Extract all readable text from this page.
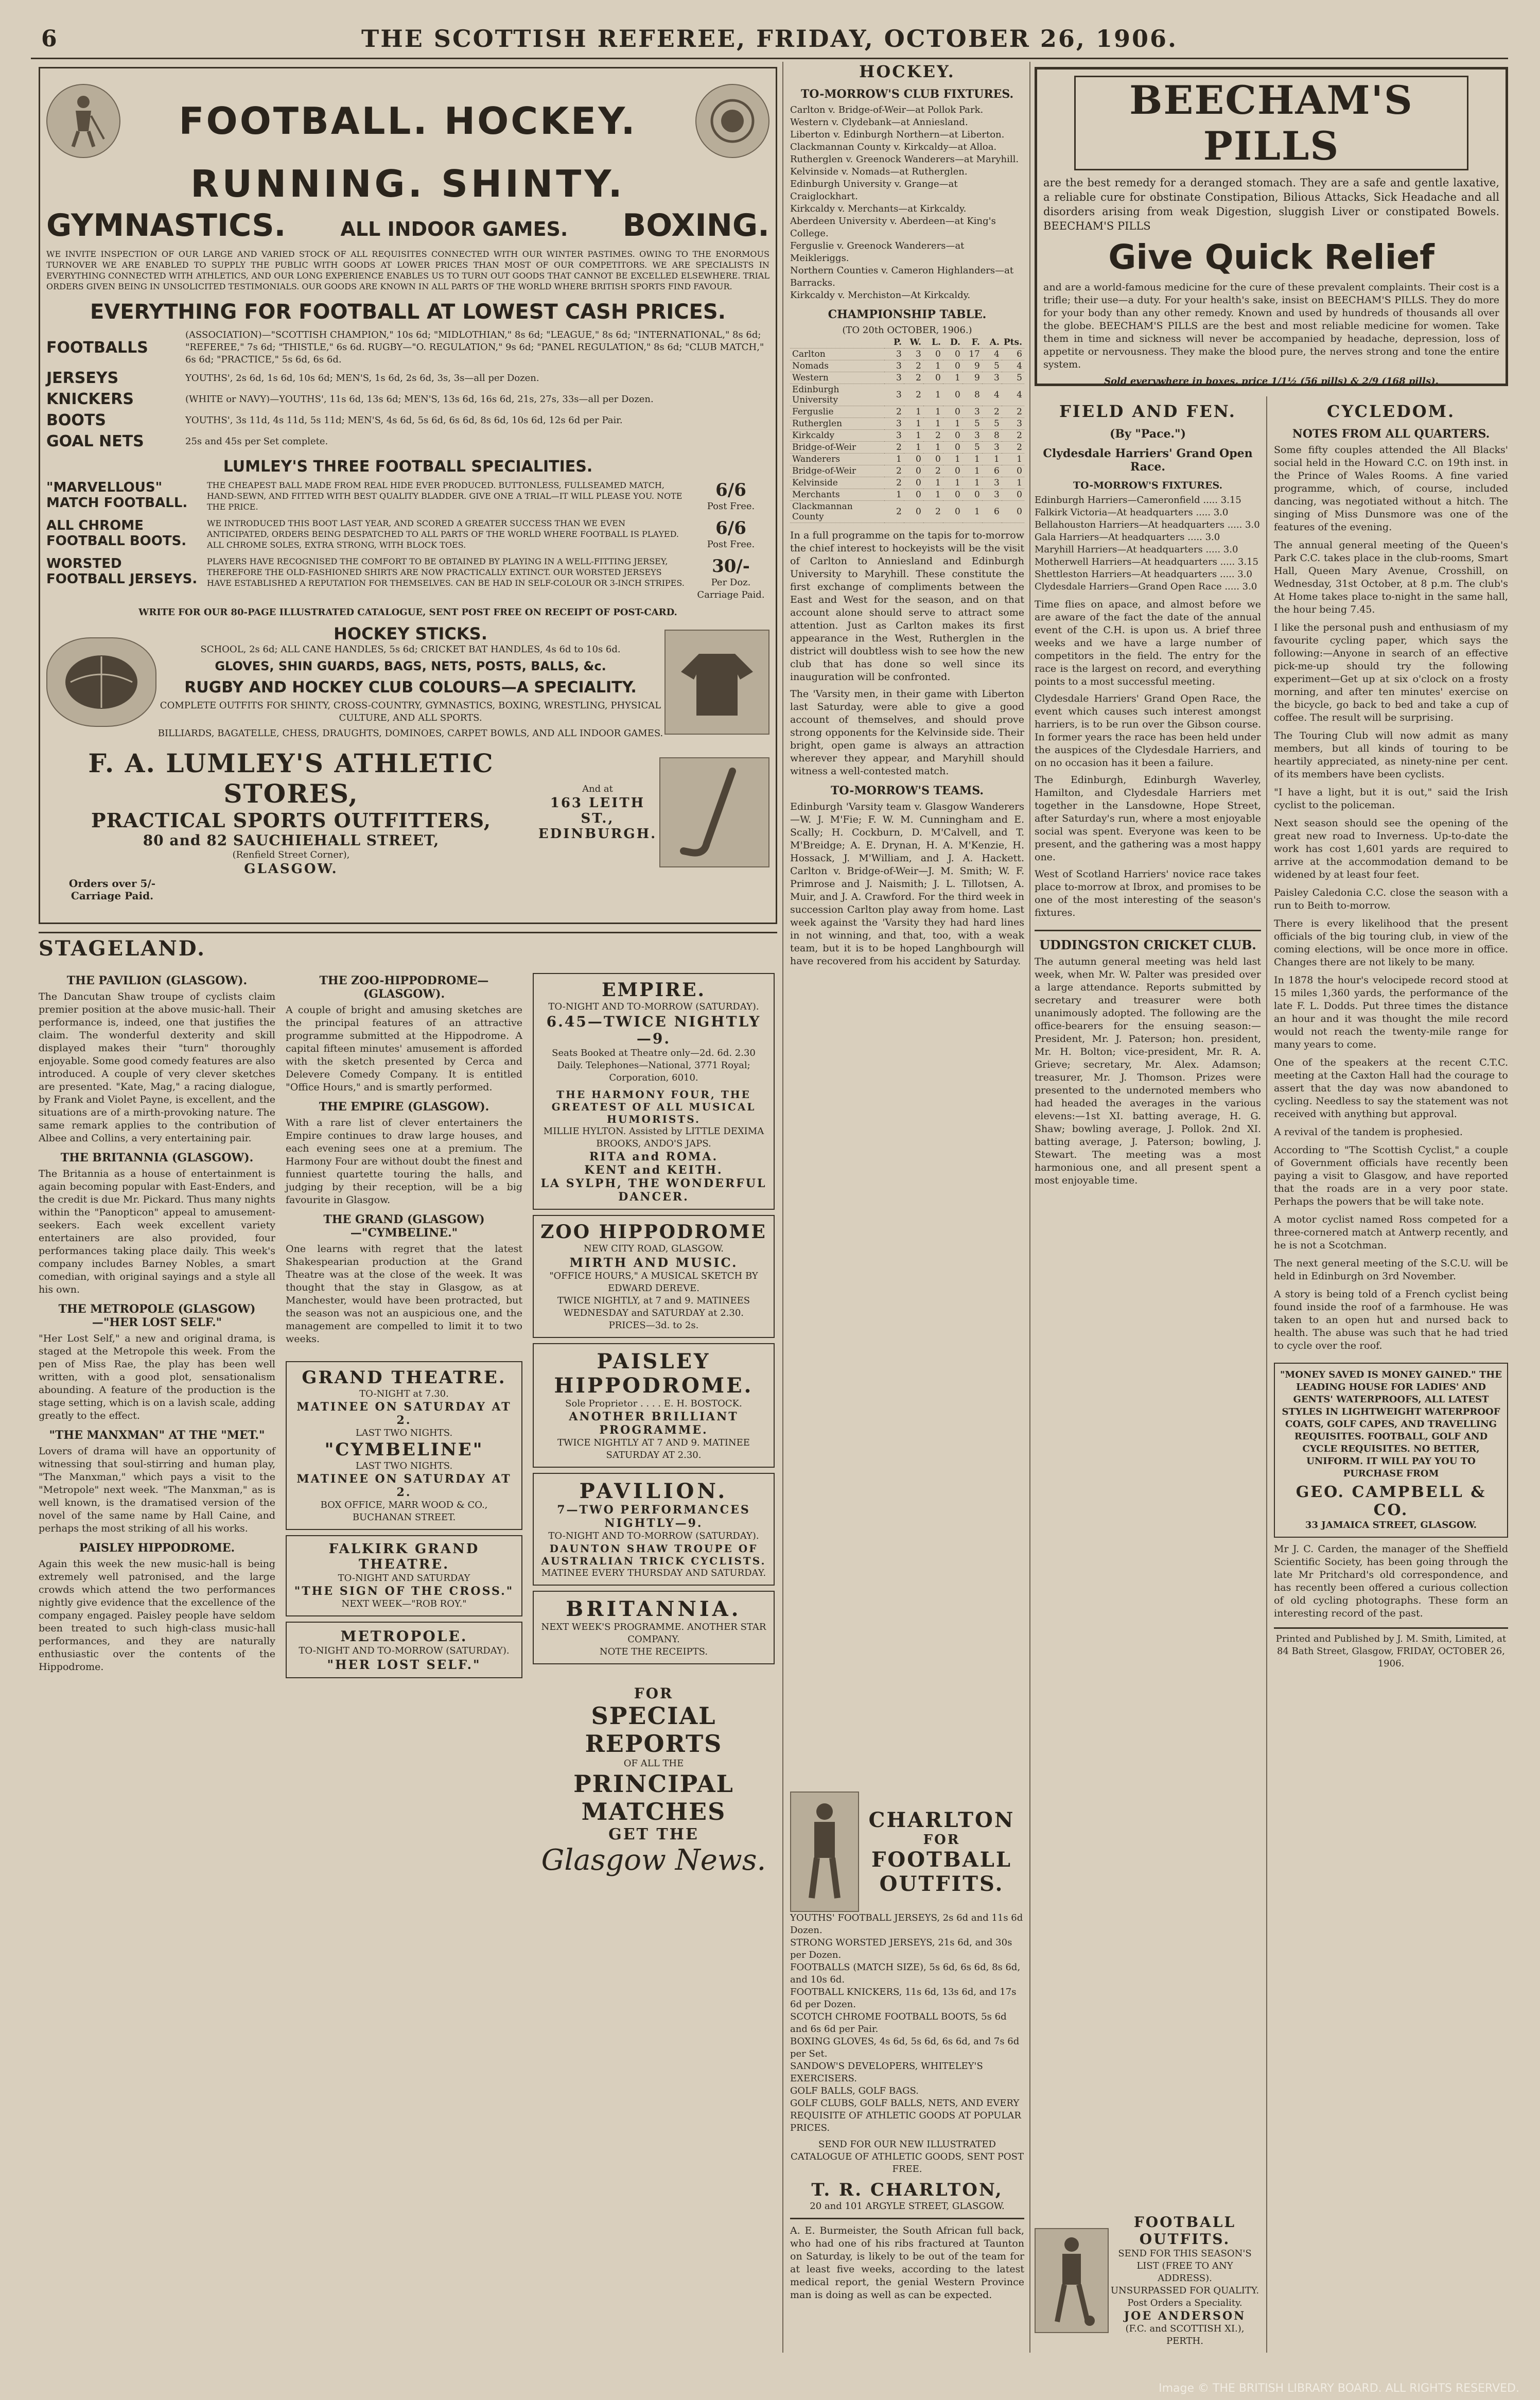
6	THE SCOTTISH REFEREE, FRIDAY, OCTOBER 26, 1906.
FOOTBALL. HOCKEY.
RUNNING. SHINTY.
GYMNASTICS.	ALL INDOOR GAMES. BOXING.
WE INVITE INSPECTION OF OUR LARGE AND VARIED STOCK OF ALL REQUISITES CONNECTED WITH OUR WINTER PASTIMES. OWING TO THE ENORMOUS TURNOVER WE ARE ENABLED TO SUPPLY THE PUBLIC WITH GOODS AT LOWER PRICES THAN MOST OF OUR COMPETITORS. WE ARE SPECIALISTS IN EVERYTHING CONNECTED WITH ATHLETICS, AND OUR LONG EXPERIENCE ENABLES US TO TURN OUT GOODS THAT CANNOT BE EXCELLED ELSEWHERE. TRIAL ORDERS GIVEN BEING IN UNSOLICITED TESTIMONIALS. OUR GOODS ARE KNOWN IN ALL PARTS OF THE WORLD WHERE BRITISH SPORTS FIND FAVOUR.
EVERYTHING FOR FOOTBALL AT LOWEST CASH PRICES.
FOOTBALLS
(ASSOCIATION)—"SCOTTISH CHAMPION," 10s 6d; "MIDLOTHIAN," 8s 6d; "LEAGUE," 8s 6d; "INTERNATIONAL," 8s 6d; "REFEREE," 7s 6d; "THISTLE," 6s 6d. RUGBY—"O. REGULATION," 9s 6d; "PANEL REGULATION," 8s 6d; "CLUB MATCH," 6s 6d; "PRACTICE," 5s 6d, 6s 6d.
JERSEYS	YOUTHS', 2s 6d, 1s 6d, 10s 6d; MEN'S, 1s 6d, 2s 6d, 3s, 3s—all per Dozen.
KNICKERS	(WHITE or NAVY)—YOUTHS', 11s 6d, 13s 6d; MEN'S, 13s 6d, 16s 6d, 21s, 27s, 33s—all per Dozen.
BOOTS	YOUTHS', 3s 11d, 4s 11d, 5s 11d; MEN'S, 4s 6d, 5s 6d, 6s 6d, 8s 6d, 10s 6d, 12s 6d per Pair.
GOAL NETS	25s and 45s per Set complete.
LUMLEY'S THREE FOOTBALL SPECIALITIES.
"MARVELLOUS" MATCH FOOTBALL.
THE CHEAPEST BALL MADE FROM REAL HIDE EVER PRODUCED. BUTTONLESS, FULLSEAMED MATCH, HAND-SEWN, AND FITTED WITH BEST QUALITY BLADDER. GIVE ONE A TRIAL—IT WILL PLEASE YOU. NOTE THE PRICE.
6/6
Post Free.
ALL CHROME FOOTBALL BOOTS.
WE INTRODUCED THIS BOOT LAST YEAR, AND SCORED A GREATER SUCCESS THAN WE EVEN ANTICIPATED, ORDERS BEING DESPATCHED TO ALL PARTS OF THE WORLD WHERE FOOTBALL IS PLAYED. ALL CHROME SOLES, EXTRA STRONG, WITH BLOCK TOES.
6/6
Post Free.
WORSTED FOOTBALL JERSEYS.
PLAYERS HAVE RECOGNISED THE COMFORT TO BE OBTAINED BY PLAYING IN A WELL-FITTING JERSEY, THEREFORE THE OLD-FASHIONED SHIRTS ARE NOW PRACTICALLY EXTINCT. OUR WORSTED JERSEYS HAVE ESTABLISHED A REPUTATION FOR THEMSELVES. CAN BE HAD IN SELF-COLOUR OR 3-INCH STRIPES.
30/-
Per Doz. Carriage Paid.
WRITE FOR OUR 80-PAGE ILLUSTRATED CATALOGUE, SENT POST FREE ON RECEIPT OF POST-CARD.
HOCKEY STICKS.
SCHOOL, 2s 6d; ALL CANE HANDLES, 5s 6d; CRICKET BAT HANDLES, 4s 6d to 10s 6d.
GLOVES, SHIN GUARDS, BAGS, NETS, POSTS, BALLS, &c.
RUGBY AND HOCKEY CLUB COLOURS—A SPECIALITY.
COMPLETE OUTFITS FOR SHINTY, CROSS-COUNTRY, GYMNASTICS, BOXING, WRESTLING, PHYSICAL CULTURE, AND ALL SPORTS.
BILLIARDS, BAGATELLE, CHESS, DRAUGHTS, DOMINOES, CARPET BOWLS, AND ALL INDOOR GAMES.
F. A. LUMLEY'S ATHLETIC STORES,
PRACTICAL SPORTS OUTFITTERS,
80 and 82 SAUCHIEHALL STREET,
(Renfield Street Corner),
GLASGOW.
And at
163 LEITH ST.,
EDINBURGH.
Orders over 5/- Carriage Paid.
STAGELAND.
THE PAVILION (GLASGOW).
The Dancutan Shaw troupe of cyclists claim premier position at the above music-hall. Their performance is, indeed, one that justifies the claim. The wonderful dexterity and skill displayed makes their "turn" thoroughly enjoyable. Some good comedy features are also introduced. A couple of very clever sketches are presented. "Kate, Mag," a racing dialogue, by Frank and Violet Payne, is excellent, and the situations are of a mirth-provoking nature. The same remark applies to the contribution of Albee and Collins, a very entertaining pair.
THE BRITANNIA (GLASGOW).
The Britannia as a house of entertainment is again becoming popular with East-Enders, and the credit is due Mr. Pickard. Thus many nights within the "Panopticon" appeal to amusement-seekers. Each week excellent variety entertainers are also provided, four performances taking place daily. This week's company includes Barney Nobles, a smart comedian, with original sayings and a style all his own.
THE METROPOLE (GLASGOW)—"HER LOST SELF."
"Her Lost Self," a new and original drama, is staged at the Metropole this week. From the pen of Miss Rae, the play has been well written, with a good plot, sensationalism abounding. A feature of the production is the stage setting, which is on a lavish scale, adding greatly to the effect.
"THE MANXMAN" AT THE "MET."
Lovers of drama will have an opportunity of witnessing that soul-stirring and human play, "The Manxman," which pays a visit to the "Metropole" next week. "The Manxman," as is well known, is the dramatised version of the novel of the same name by Hall Caine, and perhaps the most striking of all his works.
PAISLEY HIPPODROME.
Again this week the new music-hall is being extremely well patronised, and the large crowds which attend the two performances nightly give evidence that the excellence of the company engaged. Paisley people have seldom been treated to such high-class music-hall performances, and they are naturally enthusiastic over the contents of the Hippodrome.
THE ZOO-HIPPODROME—(GLASGOW).
A couple of bright and amusing sketches are the principal features of an attractive programme submitted at the Hippodrome. A capital fifteen minutes' amusement is afforded with the sketch presented by Cerca and Delevere Comedy Company. It is entitled "Office Hours," and is smartly performed.
THE EMPIRE (GLASGOW).
With a rare list of clever entertainers the Empire continues to draw large houses, and each evening sees one at a premium. The Harmony Four are without doubt the finest and funniest quartette touring the halls, and judging by their reception, will be a big favourite in Glasgow.
THE GRAND (GLASGOW)—"CYMBELINE."
One learns with regret that the latest Shakespearian production at the Grand Theatre was at the close of the week. It was thought that the stay in Glasgow, as at Manchester, would have been protracted, but the season was not an auspicious one, and the management are compelled to limit it to two weeks.
GRAND THEATRE.
TO-NIGHT at 7.30.
MATINEE ON SATURDAY AT 2.
LAST TWO NIGHTS.
"CYMBELINE"
LAST TWO NIGHTS.
MATINEE ON SATURDAY AT 2.
BOX OFFICE, MARR WOOD & CO., BUCHANAN STREET.
FALKIRK GRAND THEATRE.
TO-NIGHT AND SATURDAY
"THE SIGN OF THE CROSS."
NEXT WEEK—"ROB ROY."
METROPOLE.
TO-NIGHT AND TO-MORROW (SATURDAY).
"HER LOST SELF."
EMPIRE.
TO-NIGHT AND TO-MORROW (SATURDAY).
6.45—TWICE NIGHTLY—9.
Seats Booked at Theatre only—2d. 6d. 2.30 Daily. Telephones—National, 3771 Royal; Corporation, 6010.
THE HARMONY FOUR, THE GREATEST OF ALL MUSICAL HUMORISTS.
MILLIE HYLTON. Assisted by LITTLE DEXIMA BROOKS, ANDO'S JAPS.
RITA and ROMA.
KENT and KEITH.
LA SYLPH, THE WONDERFUL DANCER.
ZOO HIPPODROME
NEW CITY ROAD, GLASGOW.
MIRTH AND MUSIC.
"OFFICE HOURS," A MUSICAL SKETCH BY EDWARD DEREVE.
TWICE NIGHTLY, at 7 and 9. MATINEES WEDNESDAY and SATURDAY at 2.30.
PRICES—3d. to 2s.
PAISLEY HIPPODROME.
Sole Proprietor . . . . E. H. BOSTOCK.
ANOTHER BRILLIANT PROGRAMME.
TWICE NIGHTLY AT 7 AND 9. MATINEE SATURDAY AT 2.30.
PAVILION.
7—TWO PERFORMANCES NIGHTLY—9.
TO-NIGHT AND TO-MORROW (SATURDAY).
DAUNTON SHAW TROUPE OF AUSTRALIAN TRICK CYCLISTS.
MATINEE EVERY THURSDAY AND SATURDAY.
BRITANNIA.
NEXT WEEK'S PROGRAMME. ANOTHER STAR COMPANY.
NOTE THE RECEIPTS.
FOR
SPECIAL REPORTS
OF ALL THE
PRINCIPAL MATCHES
GET THE
Glasgow News.
HOCKEY.
TO-MORROW'S CLUB FIXTURES.
Carlton v. Bridge-of-Weir—at Pollok Park.
Western v. Clydebank—at Anniesland.
Liberton v. Edinburgh Northern—at Liberton.
Clackmannan County v. Kirkcaldy—at Alloa.
Rutherglen v. Greenock Wanderers—at Maryhill.
Kelvinside v. Nomads—at Rutherglen.
Edinburgh University v. Grange—at Craiglockhart.
Kirkcaldy v. Merchants—at Kirkcaldy.
Aberdeen University v. Aberdeen—at King's College.
Ferguslie v. Greenock Wanderers—at Meikleriggs.
Northern Counties v. Cameron Highlanders—at Barracks.
Kirkcaldy v. Merchiston—At Kirkcaldy.
CHAMPIONSHIP TABLE.
(TO 20th OCTOBER, 1906.)
	P.	W.	L.	D.	F.	A.	Pts.
Carlton	3	3	0	0	17	4	6
Nomads	3	2	1	0	9	5	4
Western	3	2	0	1	9	3	5
Edinburgh University	3	2	1	0	8	4	4
Ferguslie	2	1	1	0	3	2	2
Rutherglen	3	1	1	1	5	5	3
Kirkcaldy	3	1	2	0	3	8	2
Bridge-of-Weir	2	1	1	0	5	3	2
Wanderers	1	0	0	1	1	1	1
Bridge-of-Weir	2	0	2	0	1	6	0
Kelvinside	2	0	1	1	1	3	1
Merchants	1	0	1	0	0	3	0
Clackmannan County	2	0	2	0	1	6	0
In a full programme on the tapis for to-morrow the chief interest to hockeyists will be the visit of Carlton to Anniesland and Edinburgh University to Maryhill. These constitute the first exchange of compliments between the East and West for the season, and on that account alone should serve to attract some attention. Just as Carlton makes its first appearance in the West, Rutherglen in the district will doubtless wish to see how the new club that has done so well since its inauguration will be confronted.
The 'Varsity men, in their game with Liberton last Saturday, were able to give a good account of themselves, and should prove strong opponents for the Kelvinside side. Their bright, open game is always an attraction wherever they appear, and Maryhill should witness a well-contested match.
TO-MORROW'S TEAMS.
Edinburgh 'Varsity team v. Glasgow Wanderers—W. J. M'Fie; F. W. M. Cunningham and E. Scally; H. Cockburn, D. M'Calvell, and T. M'Breidge; A. E. Drynan, H. A. M'Kenzie, H. Hossack, J. M'William, and J. A. Hackett. Carlton v. Bridge-of-Weir—J. M. Smith; W. F. Primrose and J. Naismith; J. L. Tillotsen, A. Muir, and J. A. Crawford. For the third week in succession Carlton play away from home. Last week against the 'Varsity they had hard lines in not winning, and that, too, with a weak team, but it is to be hoped Langhbourgh will have recovered from his accident by Saturday.
CHARLTON
FOR
FOOTBALL
OUTFITS.
YOUTHS' FOOTBALL JERSEYS, 2s 6d and 11s 6d Dozen.
STRONG WORSTED JERSEYS, 21s 6d, and 30s per Dozen.
FOOTBALLS (MATCH SIZE), 5s 6d, 6s 6d, 8s 6d, and 10s 6d.
FOOTBALL KNICKERS, 11s 6d, 13s 6d, and 17s 6d per Dozen.
SCOTCH CHROME FOOTBALL BOOTS, 5s 6d and 6s 6d per Pair.
BOXING GLOVES, 4s 6d, 5s 6d, 6s 6d, and 7s 6d per Set.
SANDOW'S DEVELOPERS, WHITELEY'S EXERCISERS.
GOLF BALLS, GOLF BAGS.
GOLF CLUBS, GOLF BALLS, NETS, AND EVERY REQUISITE OF ATHLETIC GOODS AT POPULAR PRICES.
SEND FOR OUR NEW ILLUSTRATED CATALOGUE OF ATHLETIC GOODS, SENT POST FREE.
T. R. CHARLTON,
20 and 101 ARGYLE STREET, GLASGOW.
A. E. Burmeister, the South African full back, who had one of his ribs fractured at Taunton on Saturday, is likely to be out of the team for at least five weeks, according to the latest medical report, the genial Western Province man is doing as well as can be expected.
BEECHAM'S PILLS
are the best remedy for a deranged stomach. They are a safe and gentle laxative, a reliable cure for obstinate Constipation, Bilious Attacks, Sick Headache and all disorders arising from weak Digestion, sluggish Liver or constipated Bowels. BEECHAM'S PILLS
Give Quick Relief
and are a world-famous medicine for the cure of these prevalent complaints. Their cost is a trifle; their use—a duty. For your health's sake, insist on BEECHAM'S PILLS. They do more for your body than any other remedy. Known and used by hundreds of thousands all over the globe. BEECHAM'S PILLS are the best and most reliable medicine for women. Take them in time and sickness will never be accompanied by headache, depression, loss of appetite or nervousness. They make the blood pure, the nerves strong and tone the entire system.
Sold everywhere in boxes, price 1/1½ (56 pills) & 2/9 (168 pills).
FIELD AND FEN.
(By "Pace.")
Clydesdale Harriers' Grand Open Race.
TO-MORROW'S FIXTURES.
Edinburgh Harriers—Cameronfield ..... 3.15
Falkirk Victoria—At headquarters ..... 3.0
Bellahouston Harriers—At headquarters ..... 3.0
Gala Harriers—At headquarters ..... 3.0
Maryhill Harriers—At headquarters ..... 3.0
Motherwell Harriers—At headquarters ..... 3.15
Shettleston Harriers—At headquarters ..... 3.0
Clydesdale Harriers—Grand Open Race ..... 3.0
Time flies on apace, and almost before we are aware of the fact the date of the annual event of the C.H. is upon us. A brief three weeks and we have a large number of competitors in the field. The entry for the race is the largest on record, and everything points to a most successful meeting.
Clydesdale Harriers' Grand Open Race, the event which causes such interest amongst harriers, is to be run over the Gibson course. In former years the race has been held under the auspices of the Clydesdale Harriers, and on no occasion has it been a failure.
The Edinburgh, Edinburgh Waverley, Hamilton, and Clydesdale Harriers met together in the Lansdowne, Hope Street, after Saturday's run, where a most enjoyable social was spent. Everyone was keen to be present, and the gathering was a most happy one.
West of Scotland Harriers' novice race takes place to-morrow at Ibrox, and promises to be one of the most interesting of the season's fixtures.
UDDINGSTON CRICKET CLUB.
The autumn general meeting was held last week, when Mr. W. Palter was presided over a large attendance. Reports submitted by secretary and treasurer were both unanimously adopted. The following are the office-bearers for the ensuing season:—President, Mr. J. Paterson; hon. president, Mr. H. Bolton; vice-president, Mr. R. A. Grieve; secretary, Mr. Alex. Adamson; treasurer, Mr. J. Thomson. Prizes were presented to the undernoted members who had headed the averages in the various elevens:—1st XI. batting average, H. G. Shaw; bowling average, J. Pollok. 2nd XI. batting average, J. Paterson; bowling, J. Stewart. The meeting was a most harmonious one, and all present spent a most enjoyable time.
FOOTBALL
OUTFITS.
SEND FOR THIS SEASON'S LIST (FREE TO ANY ADDRESS).
UNSURPASSED FOR QUALITY.
Post Orders a Speciality.
JOE ANDERSON
(F.C. and SCOTTISH XI.), PERTH.
CYCLEDOM.
NOTES FROM ALL QUARTERS.
Some fifty couples attended the All Blacks' social held in the Howard C.C. on 19th inst. in the Prince of Wales Rooms. A fine varied programme, which, of course, included dancing, was negotiated without a hitch. The singing of Miss Dunsmore was one of the features of the evening.
The annual general meeting of the Queen's Park C.C. takes place in the club-rooms, Smart Hall, Queen Mary Avenue, Crosshill, on Wednesday, 31st October, at 8 p.m. The club's At Home takes place to-night in the same hall, the hour being 7.45.
I like the personal push and enthusiasm of my favourite cycling paper, which says the following:—Anyone in search of an effective pick-me-up should try the following experiment—Get up at six o'clock on a frosty morning, and after ten minutes' exercise on the bicycle, go back to bed and take a cup of coffee. The result will be surprising.
The Touring Club will now admit as many members, but all kinds of touring to be heartily appreciated, as ninety-nine per cent. of its members have been cyclists.
"I have a light, but it is out," said the Irish cyclist to the policeman.
Next season should see the opening of the great new road to Inverness. Up-to-date the work has cost 1,601 yards are required to arrive at the accommodation demand to be widened by at least four feet.
Paisley Caledonia C.C. close the season with a run to Beith to-morrow.
There is every likelihood that the present officials of the big touring club, in view of the coming elections, will be once more in office. Changes there are not likely to be many.
In 1878 the hour's velocipede record stood at 15 miles 1,360 yards, the performance of the late F. L. Dodds. Put three times the distance an hour and it was thought the mile record would not reach the twenty-mile range for many years to come.
One of the speakers at the recent C.T.C. meeting at the Caxton Hall had the courage to assert that the day was now abandoned to cycling. Needless to say the statement was not received with anything but approval.
A revival of the tandem is prophesied.
According to "The Scottish Cyclist," a couple of Government officials have recently been paying a visit to Glasgow, and have reported that the roads are in a very poor state. Perhaps the powers that be will take note.
A motor cyclist named Ross competed for a three-cornered match at Antwerp recently, and he is not a Scotchman.
The next general meeting of the S.C.U. will be held in Edinburgh on 3rd November.
A story is being told of a French cyclist being found inside the roof of a farmhouse. He was taken to an open hut and nursed back to health. The abuse was such that he had tried to cycle over the roof.
"MONEY SAVED IS MONEY GAINED." THE LEADING HOUSE FOR LADIES' AND GENTS' WATERPROOFS, ALL LATEST STYLES IN LIGHTWEIGHT WATERPROOF COATS, GOLF CAPES, AND TRAVELLING REQUISITES. FOOTBALL, GOLF AND CYCLE REQUISITES. NO BETTER, UNIFORM. IT WILL PAY YOU TO PURCHASE FROM
GEO. CAMPBELL & CO.
33 JAMAICA STREET, GLASGOW.
Mr J. C. Carden, the manager of the Sheffield Scientific Society, has been going through the late Mr Pritchard's old correspondence, and has recently been offered a curious collection of old cycling photographs. These form an interesting record of the past.
Printed and Published by J. M. Smith, Limited, at 84 Bath Street, Glasgow, FRIDAY, OCTOBER 26, 1906.
Image © THE BRITISH LIBRARY BOARD. ALL RIGHTS RESERVED.
